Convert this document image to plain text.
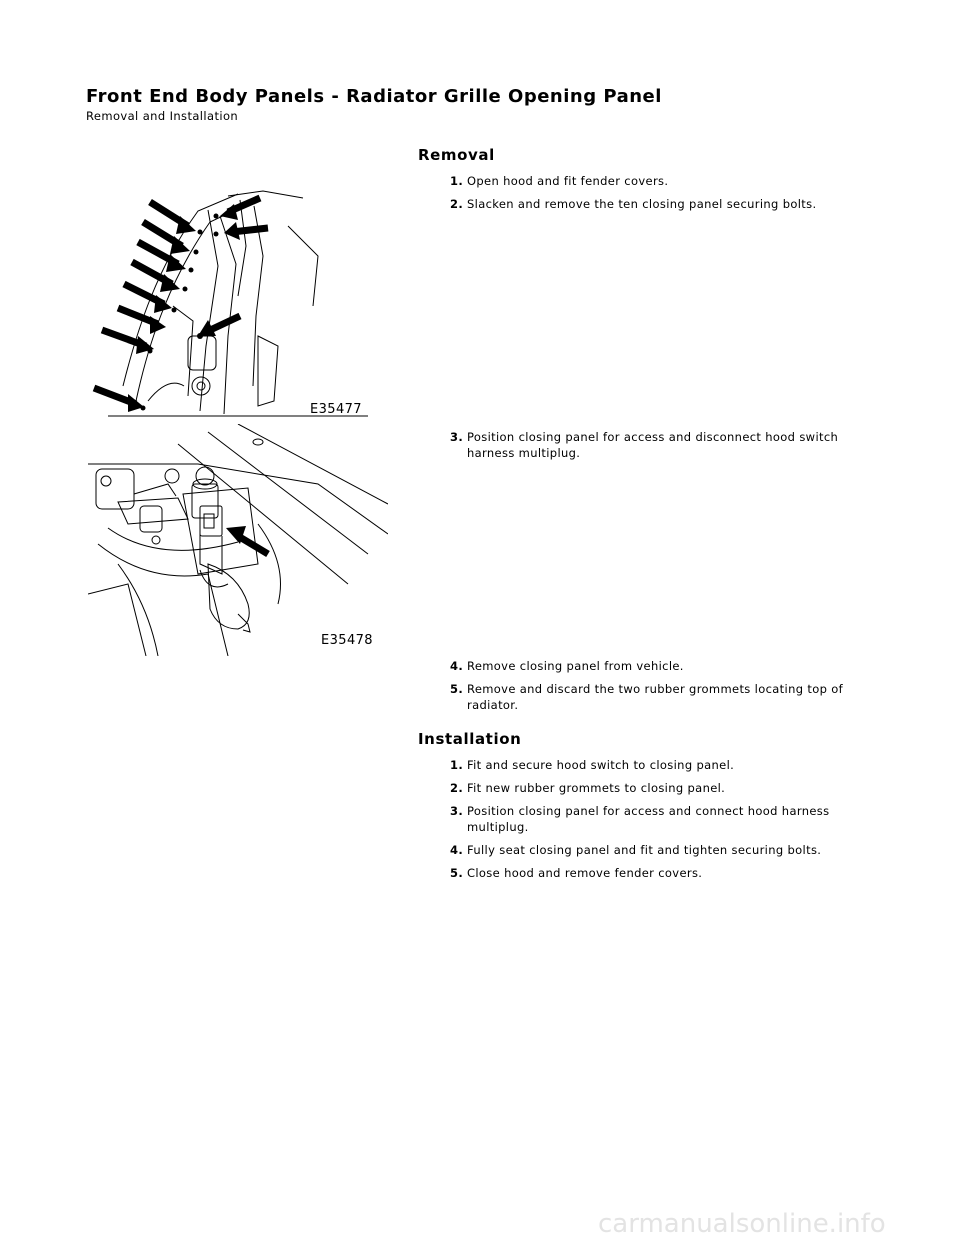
Front End Body Panels - Radiator Grille Opening Panel
Removal and Installation
Removal
1. Open hood and fit fender covers.
2. Slacken and remove the ten closing panel securing bolts.
3. Position closing panel for access and disconnect hood switch harness multiplug.
4. Remove closing panel from vehicle.
5. Remove and discard the two rubber grommets locating top of radiator.
Installation
1. Fit and secure hood switch to closing panel.
2. Fit new rubber grommets to closing panel.
3. Position closing panel for access and connect hood harness multiplug.
4. Fully seat closing panel and fit and tighten securing bolts.
5. Close hood and remove fender covers.
E35477
E35478
carmanualsonline.info
